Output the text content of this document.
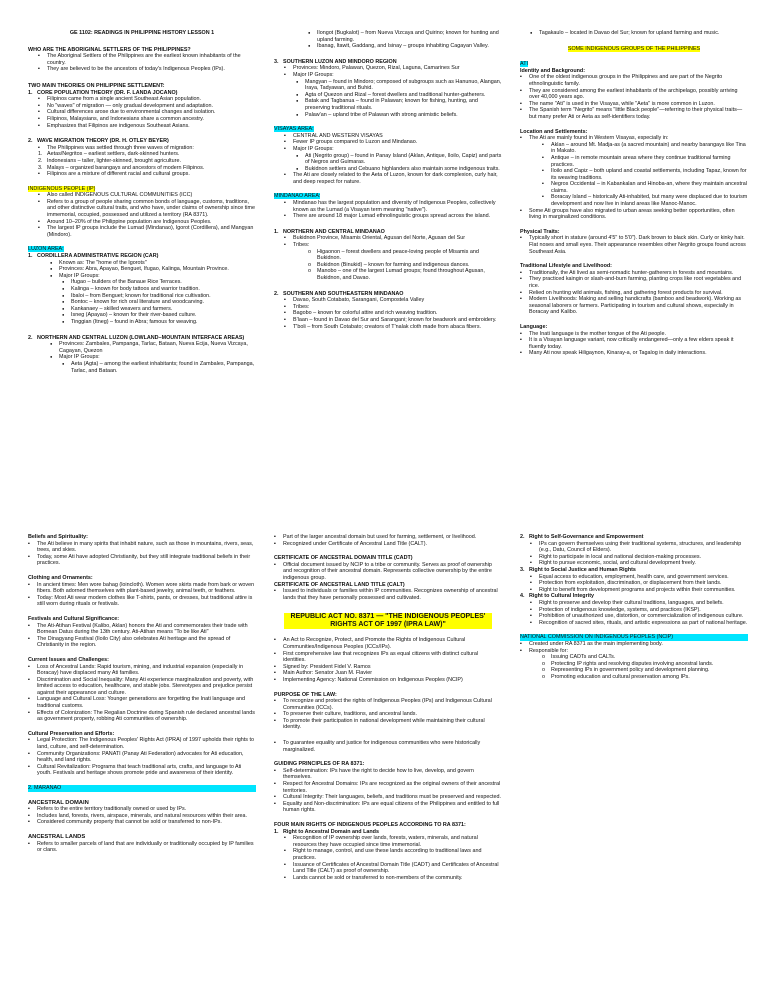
GE 1102: READINGS IN PHILIPPINE HISTORY LESSON 1
WHO ARE THE ABORIGINAL SETTLERS OF THE PHILIPPINES?
▪ The Aboriginal Settlers of the Philippines are the earliest known inhabitants of the country.
▪ They are believed to be the ancestors of today's Indigenous Peoples (IPs).
TWO MAIN THEORIES ON PHILIPPINE SETTLEMENT:
1. CORE POPULATION THEORY (DR. F. LANDA JOCANO)
▪ Filipinos came from a single ancient Southeast Asian population.
▪ No "waves" of migration — only gradual development and adaptation.
▪ Cultural differences arose due to environmental changes and isolation.
▪ Filipinos, Malaysians, and Indonesians share a common ancestry.
▪ Emphasizes that Filipinos are indigenous Southeast Asians.
2. WAVE MIGRATION THEORY (DR. H. OTLEY BEYER)
▪ The Philippines was settled through three waves of migration:
1. Aetas/Negritos – earliest settlers, dark-skinned hunters.
2. Indonesians – taller, lighter-skinned, brought agriculture.
3. Malays – organized barangays and ancestors of modern Filipinos.
▪ Filipinos are a mixture of different racial and cultural groups.
INDIGENOUS PEOPLE (IP)
▪ Also called INDIGENOUS CULTURAL COMMUNITIES (ICC)
▪ Refers to a group of people sharing common bonds of language, customs, traditions, and other distinctive cultural traits, and who have, under claims of ownership since time immemorial, occupied, possessed and utilized a territory (RA 8371).
▪ Around 10–20% of the Philippine population are Indigenous Peoples.
▪ The largest IP groups include the Lumad (Mindanao), Igorot (Cordillera), and Mangyan (Mindoro).
LUZON AREA:
1. CORDILLERA ADMINISTRATIVE REGION (CAR)
● Known as: The "home of the Igorots"
● Provinces: Abra, Apayao, Benguet, Ifugao, Kalinga, Mountain Province.
● Major IP Groups:
● Ifugao – builders of the Banaue Rice Terraces.
● Kalinga – known for body tattoos and warrior tradition.
● Ibaloi – from Benguet; known for traditional rice cultivation.
● Bontoc – known for rich oral literature and woodcarving.
● Kankanaey – skilled weavers and farmers.
● Isneg (Apayao) – known for their river-based culture.
● Tinggian (Itneg) – found in Abra; famous for weaving.
2. NORTHERN AND CENTRAL LUZON (LOWLAND–MOUNTAIN INTERFACE AREAS)
● Provinces: Zambales, Pampanga, Tarlac, Bataan, Nueva Ecija, Nueva Vizcaya, Cagayan, Quezon
● Major IP Groups:
● Aeta (Agta) – among the earliest inhabitants; found in Zambales, Pampanga, Tarlac, and Bataan.
● Ilongot (Bugkalot) – from Nueva Vizcaya and Quirino; known for hunting and upland farming.
● Ibanag, Itawit, Gaddang, and Isinay – groups inhabiting Cagayan Valley.
3. SOUTHERN LUZON AND MINDORO REGION
▪ Provinces: Mindoro, Palawan, Quezon, Rizal, Laguna, Camarines Sur
▪ Major IP Groups:
● Mangyan – found in Mindoro; composed of subgroups such as Hanunuo, Alangan, Iraya, Tadyawan, and Buhid.
● Agta of Quezon and Rizal – forest dwellers and traditional hunter-gatherers.
● Batak and Tagbanua – found in Palawan; known for fishing, hunting, and preserving traditional rituals.
● Palaw'an – upland tribe of Palawan with strong animistic beliefs.
VISAYAS AREA:
▪ CENTRAL AND WESTERN VISAYAS
▪ Fewer IP groups compared to Luzon and Mindanao.
▪ Major IP Groups:
● Ati (Negrito group) – found in Panay Island (Aklan, Antique, Iloilo, Capiz) and parts of Negros and Guimaras.
● Bukidnon settlers and Cebuano highlanders also maintain some indigenous traits.
▪ The Ati are closely related to the Aeta of Luzon, known for dark complexion, curly hair, and deep respect for nature.
MINDANAO AREA:
▪ Mindanao has the largest population and diversity of Indigenous Peoples, collectively known as the Lumad (a Visayan term meaning "native").
▪ There are around 18 major Lumad ethnolinguistic groups spread across the island.
1. NORTHERN AND CENTRAL MINDANAO
▪ Bukidnon Province, Misamis Oriental, Agusan del Norte, Agusan del Sur
▪ Tribes:
o Higaonon – forest dwellers and peace-loving people of Misamis and Bukidnon.
o Bukidnon (Binukid) – known for farming and indigenous dances.
o Manobo – one of the largest Lumad groups; found throughout Agusan, Bukidnon, and Davao.
2. SOUTHERN AND SOUTHEASTERN MINDANAO
▪ Davao, South Cotabato, Sarangani, Compostela Valley
▪ Tribes:
▪ Bagobo – known for colorful attire and rich weaving tradition.
▪ B'laan – found in Davao del Sur and Sarangani; known for beadwork and embroidery.
▪ T'boli – from South Cotabato; creators of T'nalak cloth made from abaca fibers.
● Tagakaulo – located in Davao del Sur; known for upland farming and music.
SOME INDIGENOUS GROUPS OF THE PHILIPPINES
ATI
Identity and Background:
▪ One of the oldest indigenous groups in the Philippines and are part of the Negrito ethnolinguistic family.
▪ They are considered among the earliest inhabitants of the archipelago, possibly arriving over 40,000 years ago.
▪ The name "Ati" is used in the Visayas, while "Aeta" is more common in Luzon.
▪ The Spanish term "Negrito" means "little Black people"—referring to their physical traits—but many prefer Ati or Aeta as self-identifiers today.
Location and Settlements:
▪ The Ati are mainly found in Western Visayas, especially in:
▪ Aklan – around Mt. Madja-as (a sacred mountain) and nearby barangays like Tina in Makato.
▪ Antique – in remote mountain areas where they continue traditional farming practices.
▪ Iloilo and Capiz – both upland and coastal settlements, including Tapaz, known for its weaving traditions.
▪ Negros Occidental – in Kabankalan and Hinoba-an, where they maintain ancestral claims.
▪ Boracay Island – historically Ati-inhabited, but many were displaced due to tourism development and now live in inland areas like Manoc-Manoc.
▪ Some Ati groups have also migrated to urban areas seeking better opportunities, often living in marginalized conditions.
Physical Traits:
▪ Typically short in stature (around 4'5" to 5'0"). Dark brown to black skin. Curly or kinky hair. Flat noses and small eyes. Their appearance resembles other Negrito groups found across Southeast Asia.
Traditional Lifestyle and Livelihood:
▪ Traditionally, the Ati lived as semi-nomadic hunter-gatherers in forests and mountains.
▪ They practiced kaingin or slash-and-burn farming, planting crops like root vegetables and rice.
▪ Relied on hunting wild animals, fishing, and gathering forest products for survival.
▪ Modern Livelihoods: Making and selling handicrafts (bamboo and beadwork). Working as seasonal laborers or farmers. Participating in tourism and cultural shows, especially in Boracay and Kalibo.
Language:
▪ The Inati language is the mother tongue of the Ati people.
▪ It is a Visayan language variant, now critically endangered—only a few elders speak it fluently today.
▪ Many Ati now speak Hiligaynon, Kinaray-a, or Tagalog in daily interactions.
Beliefs and Spirituality:
▪ The Ati believe in many spirits that inhabit nature, such as those in mountains, rivers, seas, trees, and skies.
▪ Today, some Ati have adopted Christianity, but they still integrate traditional beliefs in their practices.
Clothing and Ornaments:
▪ In ancient times: Men wore bahag (loincloth). Women wore skirts made from bark or woven fibers. Both adorned themselves with plant-based jewelry, animal teeth, or feathers.
▪ Today: Most Ati wear modern clothes like T-shirts, pants, or dresses, but traditional attire is still worn during rituals or festivals.
Festivals and Cultural Significance:
▪ The Ati-Atihan Festival (Kalibo, Aklan) honors the Ati and commemorates their trade with Bornean Datus during the 13th century. Ati-Atihan means "To be like Ati"
▪ The Dinagyang Festival (Iloilo City) also celebrates Ati heritage and the spread of Christianity in the region.
Current Issues and Challenges:
▪ Loss of Ancestral Lands: Rapid tourism, mining, and industrial expansion (especially in Boracay) have displaced many Ati families.
▪ Discrimination and Social Inequality: Many Ati experience marginalization and poverty, with limited access to education, healthcare, and stable jobs. Stereotypes and prejudice persist against their appearance and culture.
▪ Language and Cultural Loss: Younger generations are forgetting the Inati language and traditional customs.
▪ Effects of Colonization: The Regalian Doctrine during Spanish rule declared ancestral lands as government property, robbing Ati communities of ownership.
Cultural Preservation and Efforts:
▪ Legal Protection: The Indigenous Peoples' Rights Act (IPRA) of 1997 upholds their rights to land, culture, and self-determination.
▪ Community Organizations: PANATI (Panay Ati Federation) advocates for Ati education, health, and land rights.
▪ Cultural Revitalization: Programs that teach traditional arts, crafts, and language to Ati youth. Festivals and heritage shows promote pride and awareness of their identity.
2. MARANAO
ANCESTRAL DOMAIN
▪ Refers to the entire territory traditionally owned or used by IPs.
▪ Includes land, forests, rivers, airspace, minerals, and natural resources within their area.
▪ Considered community property that cannot be sold or transferred to non-IPs.
ANCESTRAL LANDS
▪ Refers to smaller parcels of land that are individually or traditionally occupied by IP families or clans.
▪ Part of the larger ancestral domain but used for farming, settlement, or livelihood.
▪ Recognized under Certificate of Ancestral Land Title (CALT).
CERTIFICATE OF ANCESTRAL DOMAIN TITLE (CADT)
▪ Official document issued by NCIP to a tribe or community. Serves as proof of ownership and recognition of their ancestral domain. Represents collective ownership by the entire indigenous group.
CERTIFICATE OF ANCESTRAL LAND TITLE (CALT)
▪ Issued to individuals or families within IP communities. Recognizes ownership of ancestral lands that they have personally possessed and cultivated.
REPUBLIC ACT NO. 8371 — "THE INDIGENOUS PEOPLES' RIGHTS ACT OF 1997 (IPRA LAW)"
▪ An Act to Recognize, Protect, and Promote the Rights of Indigenous Cultural Communities/Indigenous Peoples (ICCs/IPs).
▪ First comprehensive law that recognizes IPs as equal citizens with distinct cultural identities.
▪ Signed by: President Fidel V. Ramos
▪ Main Author: Senator Juan M. Flavier
▪ Implementing Agency: National Commission on Indigenous Peoples (NCIP)
PURPOSE OF THE LAW:
▪ To recognize and protect the rights of Indigenous Peoples (IPs) and Indigenous Cultural Communities (ICCs).
▪ To preserve their culture, traditions, and ancestral lands.
▪ To promote their participation in national development while maintaining their cultural identity.
▪ To guarantee equality and justice for indigenous communities who were historically marginalized.
GUIDING PRINCIPLES OF RA 8371:
▪ Self-determination: IPs have the right to decide how to live, develop, and govern themselves.
▪ Respect for Ancestral Domains: IPs are recognized as the original owners of their ancestral territories.
▪ Cultural Integrity: Their languages, beliefs, and traditions must be preserved and respected.
▪ Equality and Non-discrimination: IPs are equal citizens of the Philippines and entitled to full human rights.
FOUR MAIN RIGHTS OF INDIGENOUS PEOPLES ACCORDING TO RA 8371:
1. Right to Ancestral Domain and Lands
▪ Recognition of IP ownership over lands, forests, waters, minerals, and natural resources they have occupied since time immemorial.
▪ Right to manage, control, and use these lands according to traditional laws and practices.
▪ Issuance of Certificates of Ancestral Domain Title (CADT) and Certificates of Ancestral Land Title (CALT) as proof of ownership.
▪ Lands cannot be sold or transferred to non-members of the community.
2. Right to Self-Governance and Empowerment
▪ IPs can govern themselves using their traditional systems, structures, and leadership (e.g., Datu, Council of Elders).
▪ Right to participate in local and national decision-making processes.
▪ Right to pursue economic, social, and cultural development freely.
3. Right to Social Justice and Human Rights
▪ Equal access to education, employment, health care, and government services.
▪ Protection from exploitation, discrimination, or displacement from their lands.
▪ Right to benefit from development programs and projects within their communities.
4. Right to Cultural Integrity
▪ Right to preserve and develop their cultural traditions, languages, and beliefs.
▪ Protection of indigenous knowledge, systems, and practices (IKSP).
▪ Prohibition of unauthorized use, distortion, or commercialization of indigenous culture.
▪ Recognition of sacred sites, rituals, and artistic expressions as part of national heritage.
NATIONAL COMMISSION ON INDIGENOUS PEOPLES (NCIP)
▪ Created under RA 8371 as the main implementing body.
▪ Responsible for:
o Issuing CADTs and CALTs.
o Protecting IP rights and resolving disputes involving ancestral lands.
o Representing IPs in government policy and development planning.
o Promoting education and cultural preservation among IPs.
